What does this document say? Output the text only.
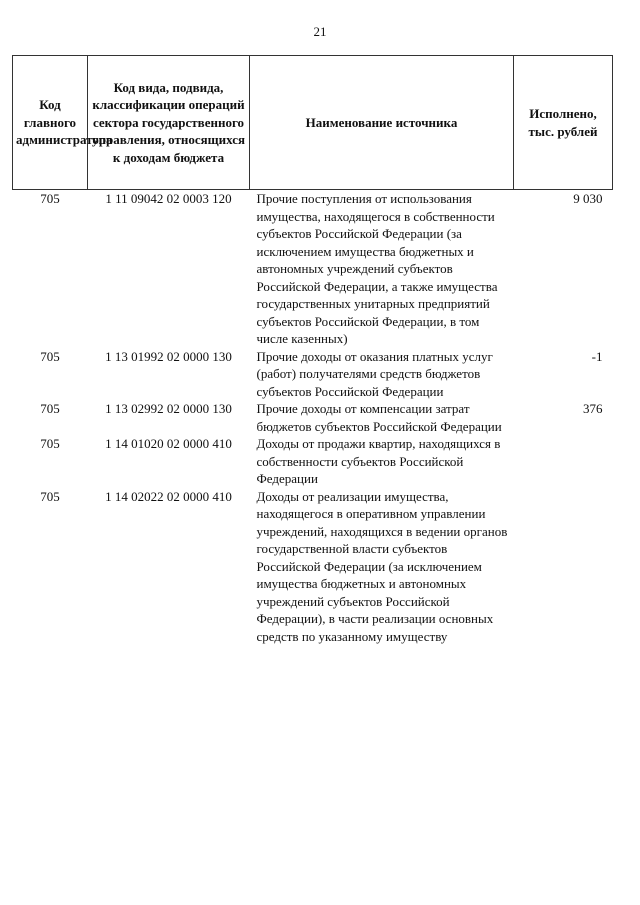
21
Код главного администратора	Код вида, подвида, классификации операций сектора государственного управления, относящихся к доходам бюджета	Наименование источника	Исполнено, тыс. рублей
705	1 11 09042 02 0003 120	Прочие поступления от использования имущества, находящегося в собственности субъектов Российской Федерации (за исключением имущества бюджетных и автономных учреждений субъектов Российской Федерации, а также имущества государственных унитарных предприятий субъектов Российской Федерации, в том числе казенных)	9 030
705	1 13 01992 02 0000 130	Прочие доходы от оказания платных услуг (работ) получателями средств бюджетов субъектов Российской Федерации	-1
705	1 13 02992 02 0000 130	Прочие доходы от компенсации затрат бюджетов субъектов Российской Федерации	376
705	1 14 01020 02 0000 410	Доходы от продажи квартир, находящихся в собственности субъектов Российской Федерации	
705	1 14 02022 02 0000 410	Доходы от реализации имущества, находящегося в оперативном управлении учреждений, находящихся в ведении органов государственной власти субъектов Российской Федерации (за исключением имущества бюджетных и автономных учреждений субъектов Российской Федерации), в части реализации основных средств по указанному имуществу	
